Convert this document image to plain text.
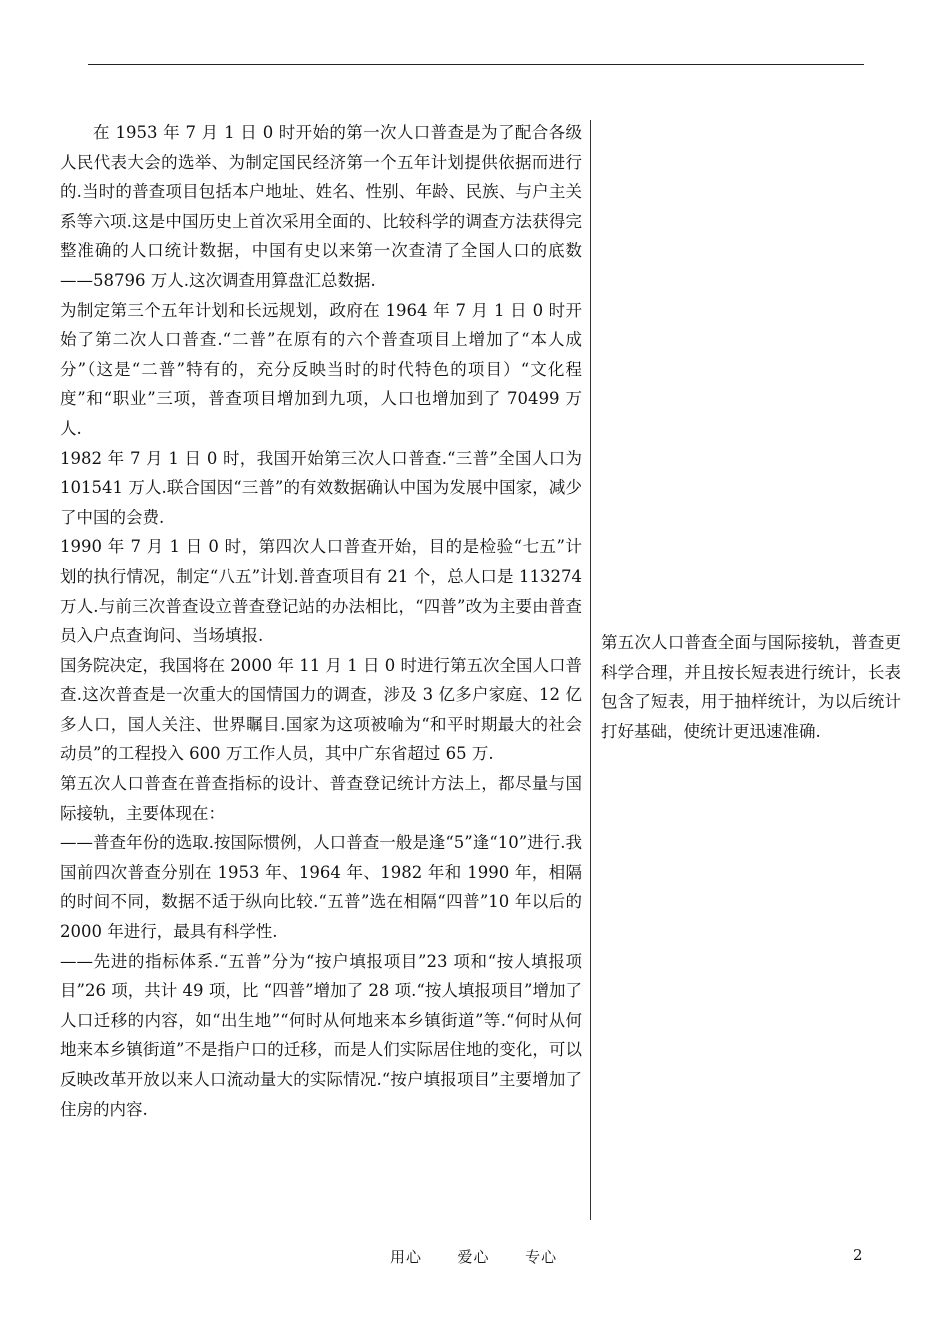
在 1953 年 7 月 1 日 0 时开始的第一次人口普查是为了配合各级人民代表大会的选举、为制定国民经济第一个五年计划提供依据而进行的.当时的普查项目包括本户地址、姓名、性别、年龄、民族、与户主关系等六项.这是中国历史上首次采用全面的、比较科学的调查方法获得完整准确的人口统计数据，中国有史以来第一次查清了全国人口的底数——58796 万人.这次调查用算盘汇总数据.

为制定第三个五年计划和长远规划，政府在 1964 年 7 月 1 日 0 时开始了第二次人口普查.“二普”在原有的六个普查项目上增加了“本人成分”（这是“二普”特有的，充分反映当时的时代特色的项目）“文化程度”和“职业”三项，普查项目增加到九项，人口也增加到了 70499 万人.

1982 年 7 月 1 日 0 时，我国开始第三次人口普查.“三普”全国人口为 101541 万人.联合国因“三普”的有效数据确认中国为发展中国家，减少了中国的会费.

1990 年 7 月 1 日 0 时，第四次人口普查开始，目的是检验“七五”计划的执行情况，制定“八五”计划.普查项目有 21 个，总人口是 113274 万人.与前三次普查设立普查登记站的办法相比，“四普”改为主要由普查员入户点查询问、当场填报.

国务院决定，我国将在 2000 年 11 月 1 日 0 时进行第五次全国人口普查.这次普查是一次重大的国情国力的调查，涉及 3 亿多户家庭、12 亿多人口，国人关注、世界瞩目.国家为这项被喻为“和平时期最大的社会动员”的工程投入 600 万工作人员，其中广东省超过 65 万.

第五次人口普查在普查指标的设计、普查登记统计方法上，都尽量与国际接轨，主要体现在：

——普查年份的选取.按国际惯例，人口普查一般是逢“5”逢“10”进行.我国前四次普查分别在 1953 年、1964 年、1982 年和 1990 年，相隔的时间不同，数据不适于纵向比较.“五普”选在相隔“四普”10 年以后的 2000 年进行，最具有科学性.

——先进的指标体系.“五普”分为“按户填报项目”23 项和“按人填报项目”26 项，共计 49 项，比 “四普”增加了 28 项.“按人填报项目”增加了人口迁移的内容，如“出生地”“何时从何地来本乡镇街道”等.“何时从何地来本乡镇街道”不是指户口的迁移，而是人们实际居住地的变化，可以反映改革开放以来人口流动量大的实际情况.“按户填报项目”主要增加了住房的内容.

第五次人口普查全面与国际接轨，普查更科学合理，并且按长短表进行统计，长表包含了短表，用于抽样统计，为以后统计打好基础，使统计更迅速准确.

用心  爱心  专心	2
